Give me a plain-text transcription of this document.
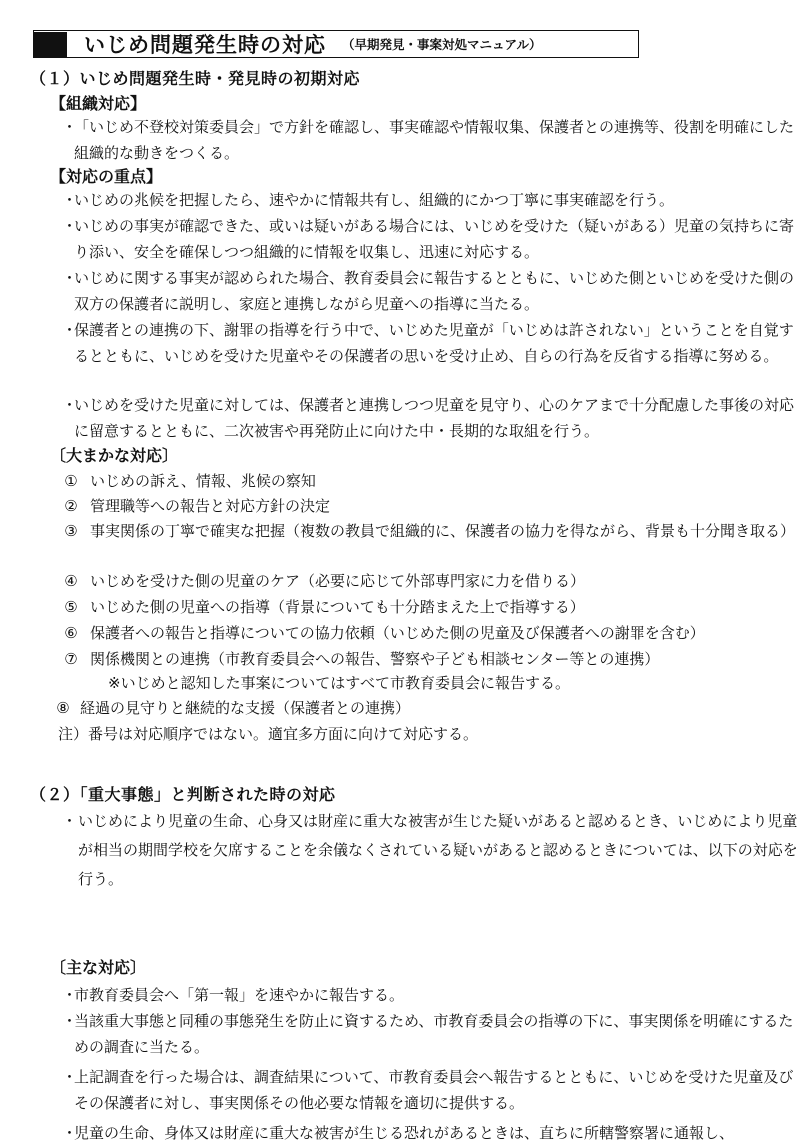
いじめ問題発生時の対応 （早期発見・事案対処マニュアル）
（１）いじめ問題発生時・発見時の初期対応
【組織対応】
・
「いじめ不登校対策委員会」で方針を確認し、事実確認や情報収集、保護者との連携等、役割を明確にした組織的な動きをつくる。
【対応の重点】
・
いじめの兆候を把握したら、速やかに情報共有し、組織的にかつ丁寧に事実確認を行う。
・
いじめの事実が確認できた、或いは疑いがある場合には、いじめを受けた（疑いがある）児童の気持ちに寄り添い、安全を確保しつつ組織的に情報を収集し、迅速に対応する。
・
いじめに関する事実が認められた場合、教育委員会に報告するとともに、いじめた側といじめを受けた側の双方の保護者に説明し、家庭と連携しながら児童への指導に当たる。
・
保護者との連携の下、謝罪の指導を行う中で、いじめた児童が「いじめは許されない」ということを自覚するとともに、いじめを受けた児童やその保護者の思いを受け止め、自らの行為を反省する指導に努める。
・
いじめを受けた児童に対しては、保護者と連携しつつ児童を見守り、心のケアまで十分配慮した事後の対応に留意するとともに、二次被害や再発防止に向けた中・長期的な取組を行う。
〔大まかな対応〕
① いじめの訴え、情報、兆候の察知
② 管理職等への報告と対応方針の決定
③ 事実関係の丁寧で確実な把握（複数の教員で組織的に、保護者の協力を得ながら、背景も十分聞き取る）
④ いじめを受けた側の児童のケア（必要に応じて外部専門家に力を借りる）
⑤ いじめた側の児童への指導（背景についても十分踏まえた上で指導する）
⑥ 保護者への報告と指導についての協力依頼（いじめた側の児童及び保護者への謝罪を含む）
⑦ 関係機関との連携（市教育委員会への報告、警察や子ども相談センター等との連携）
※いじめと認知した事案についてはすべて市教育委員会に報告する。
⑧ 経過の見守りと継続的な支援（保護者との連携）
注）番号は対応順序ではない。適宜多方面に向けて対応する。
（２）「重大事態」と判断された時の対応
・ いじめにより児童の生命、心身又は財産に重大な被害が生じた疑いがあると認めるとき、いじめにより児童が相当の期間学校を欠席することを余儀なくされている疑いがあると認めるときについては、以下の対応を行う。
〔主な対応〕
・
市教育委員会へ「第一報」を速やかに報告する。
・
当該重大事態と同種の事態発生を防止に資するため、市教育委員会の指導の下に、事実関係を明確にするための調査に当たる。
・
上記調査を行った場合は、調査結果について、市教育委員会へ報告するとともに、いじめを受けた児童及びその保護者に対し、事実関係その他必要な情報を適切に提供する。
・
児童の生命、身体又は財産に重大な被害が生じる恐れがあるときは、直ちに所轄警察署に通報し、
